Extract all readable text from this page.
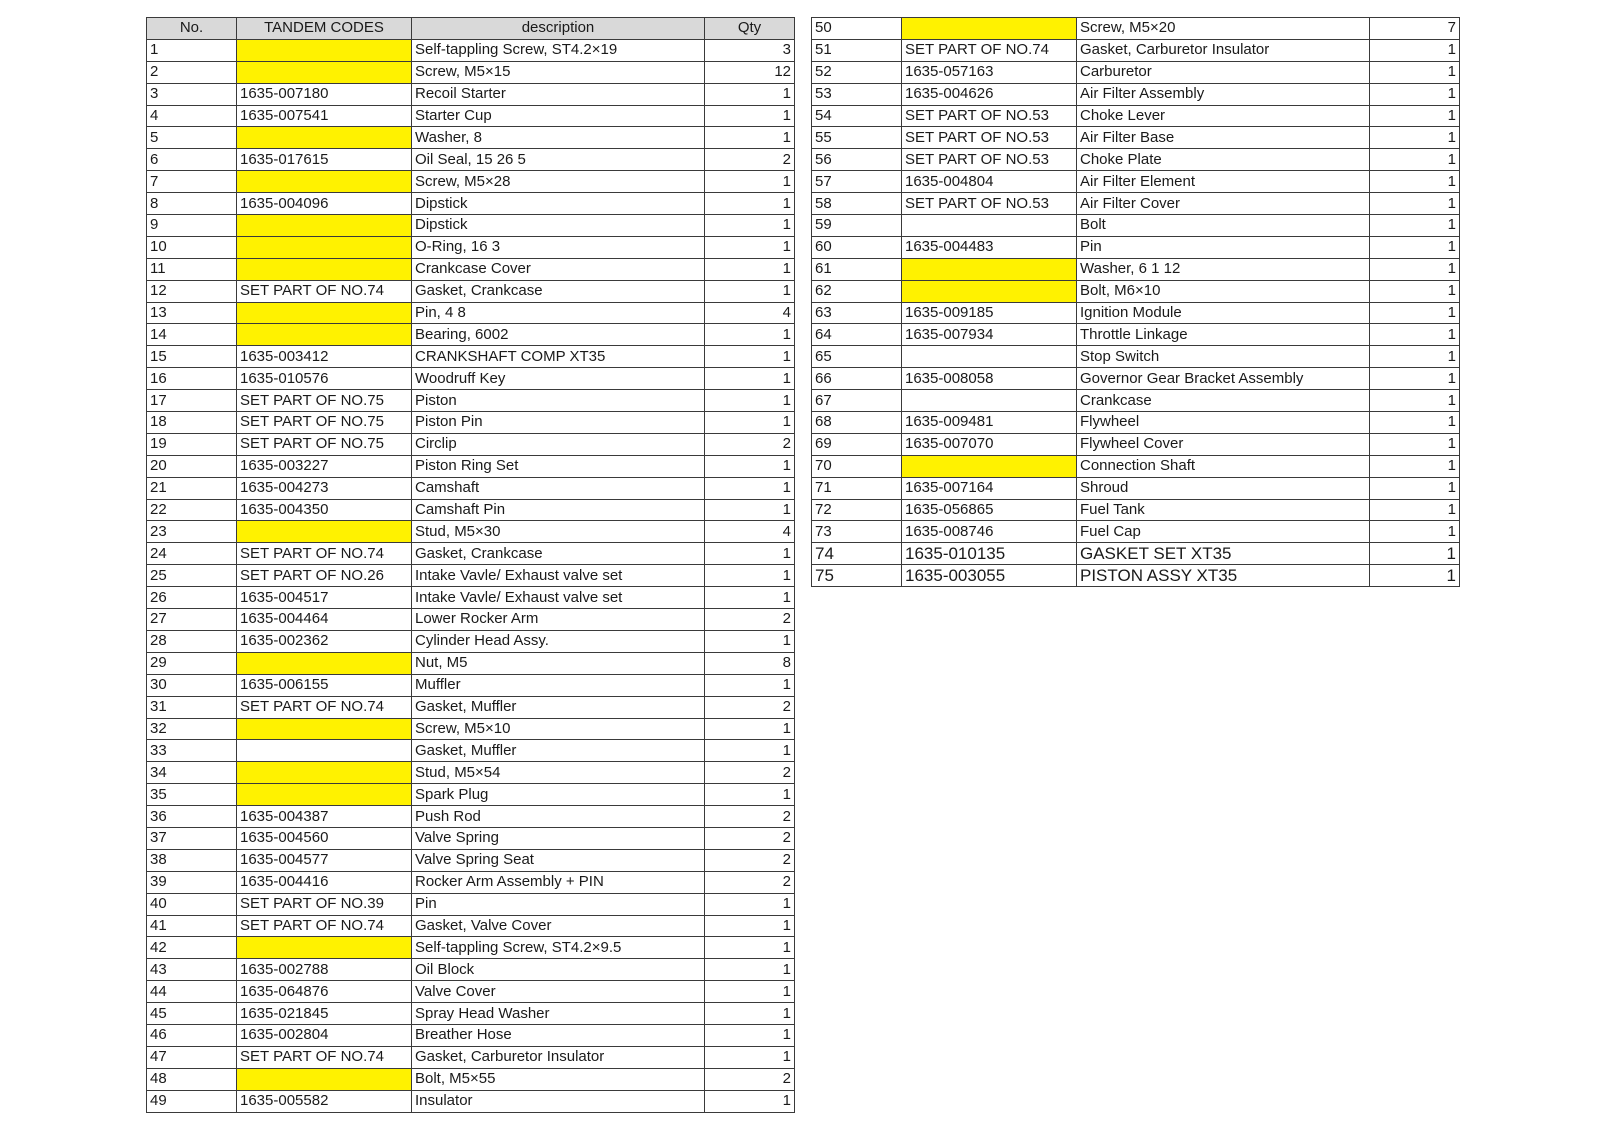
No.	TANDEM CODES	description	Qty
1		Self-tappling Screw, ST4.2×19	3
2		Screw, M5×15	12
3	1635-007180	Recoil Starter	1
4	1635-007541	Starter Cup	1
5		Washer, 8	1
6	1635-017615	Oil Seal, 15 26 5	2
7		Screw, M5×28	1
8	1635-004096	Dipstick	1
9		Dipstick	1
10		O-Ring, 16 3	1
11		Crankcase Cover	1
12	SET PART OF NO.74	Gasket, Crankcase	1
13		Pin, 4 8	4
14		Bearing, 6002	1
15	1635-003412	CRANKSHAFT COMP XT35	1
16	1635-010576	Woodruff Key	1
17	SET PART OF NO.75	Piston	1
18	SET PART OF NO.75	Piston Pin	1
19	SET PART OF NO.75	Circlip	2
20	1635-003227	Piston Ring Set	1
21	1635-004273	Camshaft	1
22	1635-004350	Camshaft Pin	1
23		Stud, M5×30	4
24	SET PART OF NO.74	Gasket, Crankcase	1
25	SET PART OF NO.26	Intake Vavle/ Exhaust valve set	1
26	1635-004517	Intake Vavle/ Exhaust valve set	1
27	1635-004464	Lower Rocker Arm	2
28	1635-002362	Cylinder Head Assy.	1
29		Nut, M5	8
30	1635-006155	Muffler	1
31	SET PART OF NO.74	Gasket, Muffler	2
32		Screw, M5×10	1
33		Gasket, Muffler	1
34		Stud, M5×54	2
35		Spark Plug	1
36	1635-004387	Push Rod	2
37	1635-004560	Valve Spring	2
38	1635-004577	Valve Spring Seat	2
39	1635-004416	Rocker Arm Assembly + PIN	2
40	SET PART OF NO.39	Pin	1
41	SET PART OF NO.74	Gasket, Valve Cover	1
42		Self-tappling Screw, ST4.2×9.5	1
43	1635-002788	Oil Block	1
44	1635-064876	Valve Cover	1
45	1635-021845	Spray Head Washer	1
46	1635-002804	Breather Hose	1
47	SET PART OF NO.74	Gasket, Carburetor Insulator	1
48		Bolt, M5×55	2
49	1635-005582	Insulator	1
50		Screw, M5×20	7
51	SET PART OF NO.74	Gasket, Carburetor Insulator	1
52	1635-057163	Carburetor	1
53	1635-004626	Air Filter Assembly	1
54	SET PART OF NO.53	Choke Lever	1
55	SET PART OF NO.53	Air Filter Base	1
56	SET PART OF NO.53	Choke Plate	1
57	1635-004804	Air Filter Element	1
58	SET PART OF NO.53	Air Filter Cover	1
59		Bolt	1
60	1635-004483	Pin	1
61		Washer, 6 1 12	1
62		Bolt, M6×10	1
63	1635-009185	Ignition Module	1
64	1635-007934	Throttle Linkage	1
65		Stop Switch	1
66	1635-008058	Governor Gear Bracket Assembly	1
67		Crankcase	1
68	1635-009481	Flywheel	1
69	1635-007070	Flywheel Cover	1
70		Connection Shaft	1
71	1635-007164	Shroud	1
72	1635-056865	Fuel Tank	1
73	1635-008746	Fuel Cap	1
74	1635-010135	GASKET SET XT35	1
75	1635-003055	PISTON ASSY XT35	1
